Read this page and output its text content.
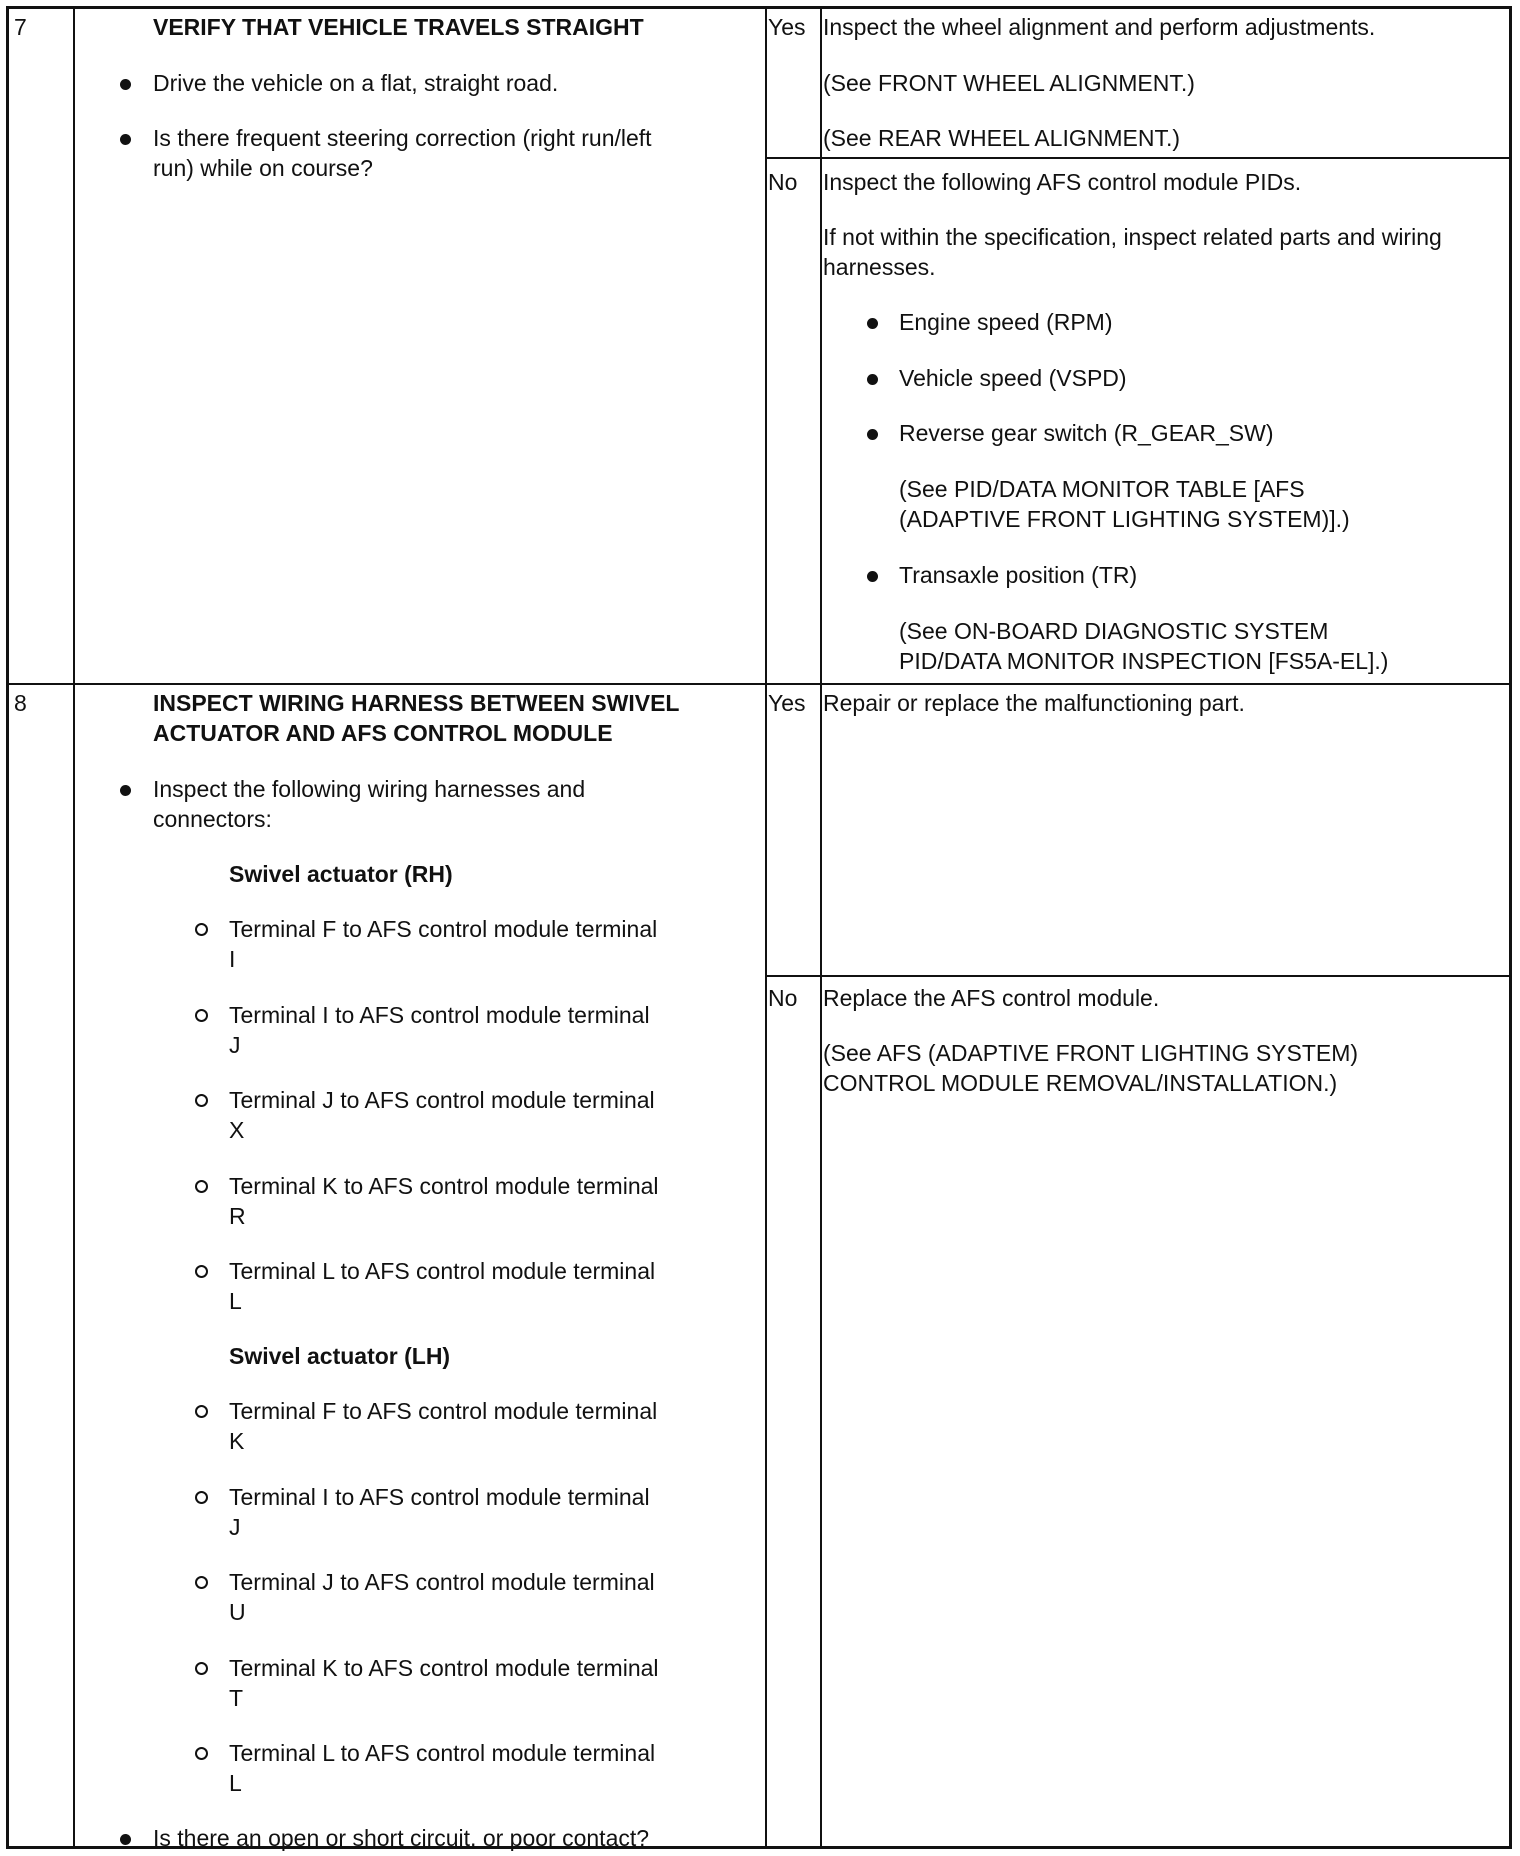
7	VERIFY THAT VEHICLE TRAVELS STRAIGHT
Drive the vehicle on a flat, straight road.
Is there frequent steering correction (right run/left
run) while on course?
Yes Inspect the wheel alignment and perform adjustments.
(See FRONT WHEEL ALIGNMENT.)
(See REAR WHEEL ALIGNMENT.)
No Inspect the following AFS control module PIDs.
If not within the specification, inspect related parts and wiring
harnesses.
Engine speed (RPM)
Vehicle speed (VSPD)
Reverse gear switch (R_GEAR_SW)
(See PID/DATA MONITOR TABLE [AFS
(ADAPTIVE FRONT LIGHTING SYSTEM)].)
Transaxle position (TR)
(See ON-BOARD DIAGNOSTIC SYSTEM
PID/DATA MONITOR INSPECTION [FS5A-EL].)
8	INSPECT WIRING HARNESS BETWEEN SWIVEL
ACTUATOR AND AFS CONTROL MODULE
Inspect the following wiring harnesses and
connectors:
Swivel actuator (RH)
Terminal F to AFS control module terminal
I
Terminal I to AFS control module terminal
J
Terminal J to AFS control module terminal
X
Terminal K to AFS control module terminal
R
Terminal L to AFS control module terminal
L
Swivel actuator (LH)
Terminal F to AFS control module terminal
K
Terminal I to AFS control module terminal
J
Terminal J to AFS control module terminal
U
Terminal K to AFS control module terminal
T
Terminal L to AFS control module terminal
L
Is there an open or short circuit, or poor contact?
Yes Repair or replace the malfunctioning part.
No Replace the AFS control module.
(See AFS (ADAPTIVE FRONT LIGHTING SYSTEM)
CONTROL MODULE REMOVAL/INSTALLATION.)
